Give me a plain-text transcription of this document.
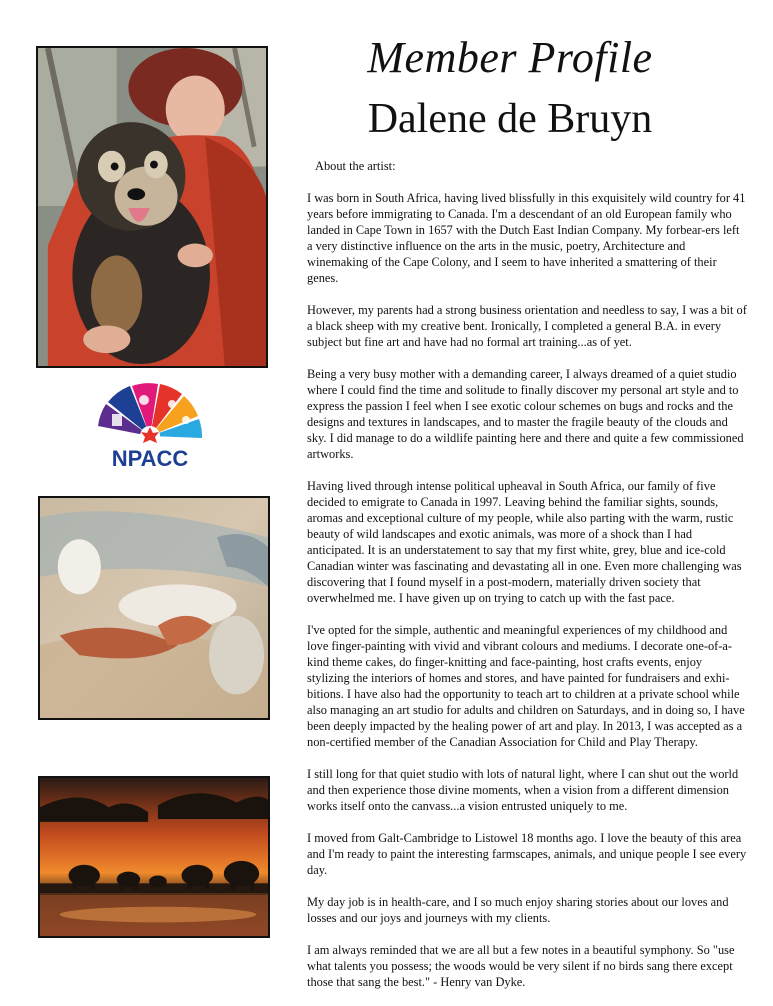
NPACC
Member Profile
Dalene de Bruyn

About the artist:

I was born in South Africa, having lived blissfully in this exquisitely wild country for 41 years before immigrating to Canada. I'm a descendant of an old European family who landed in Cape Town in 1657 with the Dutch East Indian Company. My forbear-ers left a very distinctive influence on the arts in the music, poetry, Architecture and winemaking of the Cape Colony, and I seem to have inherited a smattering of their genes.

However, my parents had a strong business orientation and needless to say, I was a bit of a black sheep with my creative bent. Ironically, I completed a general B.A. in every subject but fine art and have had no formal art training...as of yet.

Being a very busy mother with a demanding career, I always dreamed of a quiet studio where I could find the time and solitude to finally discover my personal art style and to express the passion I feel when I see exotic colour schemes on bugs and rocks and the designs and textures in landscapes, and to master the fragile beauty of the clouds and sky. I did manage to do a wildlife painting here and there and quite a few commissioned artworks.

Having lived through intense political upheaval in South Africa, our family of five decided to emigrate to Canada in 1997. Leaving behind the familiar sights, sounds, aromas and exceptional culture of my people, while also parting with the warm, rustic beauty of wild landscapes and exotic animals, was more of a shock than I had anticipated. It is an understatement to say that my first white, grey, blue and ice-cold Canadian winter was fascinating and devastating all in one. Even more challenging was discovering that I found myself in a post-modern, materially driven society that overwhelmed me. I have given up on trying to catch up with the fast pace.

I've opted for the simple, authentic and meaningful experiences of my childhood and love finger-painting with vivid and vibrant colours and mediums. I decorate one-of-a-kind theme cakes, do finger-knitting and face-painting, host crafts events, enjoy stylizing the interiors of homes and stores, and have painted for fundraisers and exhi-bitions. I have also had the opportunity to teach art to children at a private school while also managing an art studio for adults and children on Saturdays, and in doing so, I have been deeply impacted by the healing power of art and play. In 2013, I was accepted as a non-certified member of the Canadian Association for Child and Play Therapy.

I still long for that quiet studio with lots of natural light, where I can shut out the world and then experience those divine moments, when a vision from a different dimension works itself onto the canvass...a vision entrusted uniquely to me.

I moved from Galt-Cambridge to Listowel 18 months ago. I love the beauty of this area and I'm ready to paint the interesting farmscapes, animals, and unique people I see every day.

My day job is in health-care, and I so much enjoy sharing stories about our loves and losses and our joys and journeys with my clients.

I am always reminded that we are all but a few notes in a beautiful symphony. So "use what talents you possess; the woods would be very silent if no birds sang there except those that sang the best." - Henry van Dyke.
